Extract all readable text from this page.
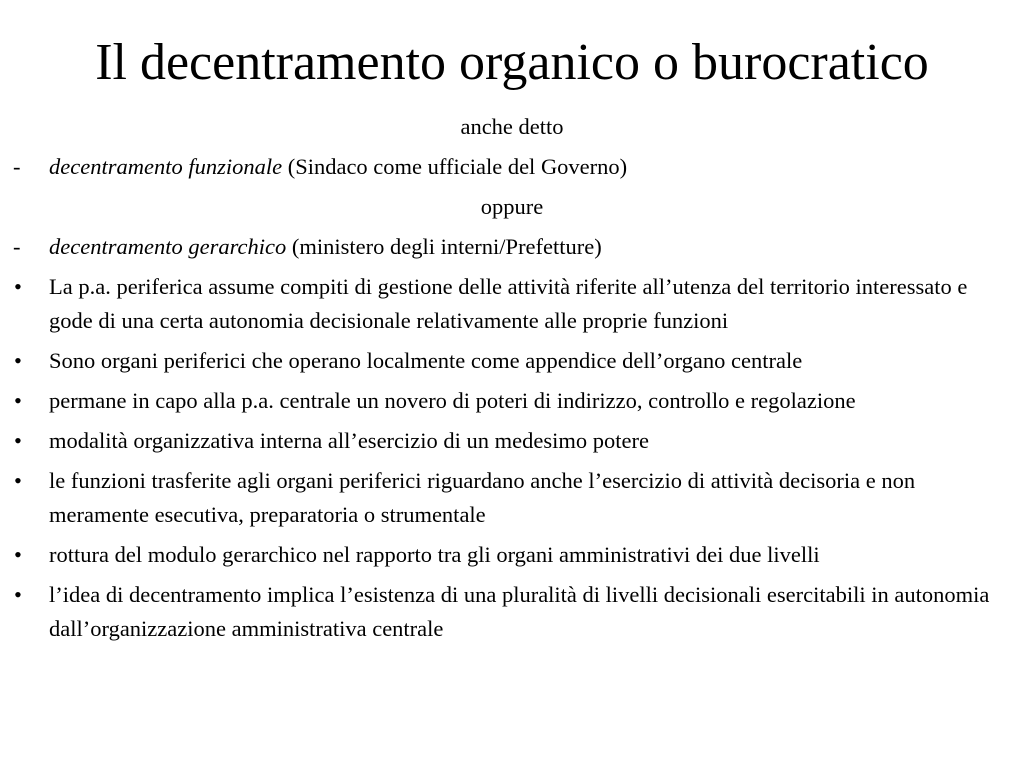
Il decentramento organico o burocratico
anche detto
- decentramento funzionale (Sindaco come ufficiale del Governo)
oppure
- decentramento gerarchico (ministero degli interni/Prefetture)
• La p.a. periferica assume compiti di gestione delle attività riferite all’utenza del territorio interessato e gode di una certa autonomia decisionale relativamente alle proprie funzioni
• Sono organi periferici che operano localmente come appendice dell’organo centrale
• permane in capo alla p.a. centrale un novero di poteri di indirizzo, controllo e regolazione
• modalità organizzativa interna all’esercizio di un medesimo potere
• le funzioni trasferite agli organi periferici riguardano anche l’esercizio di attività decisoria e non meramente esecutiva, preparatoria o strumentale
• rottura del modulo gerarchico nel rapporto tra gli organi amministrativi dei due livelli
• l’idea di decentramento implica l’esistenza di una pluralità di livelli decisionali esercitabili in autonomia dall’organizzazione amministrativa centrale
